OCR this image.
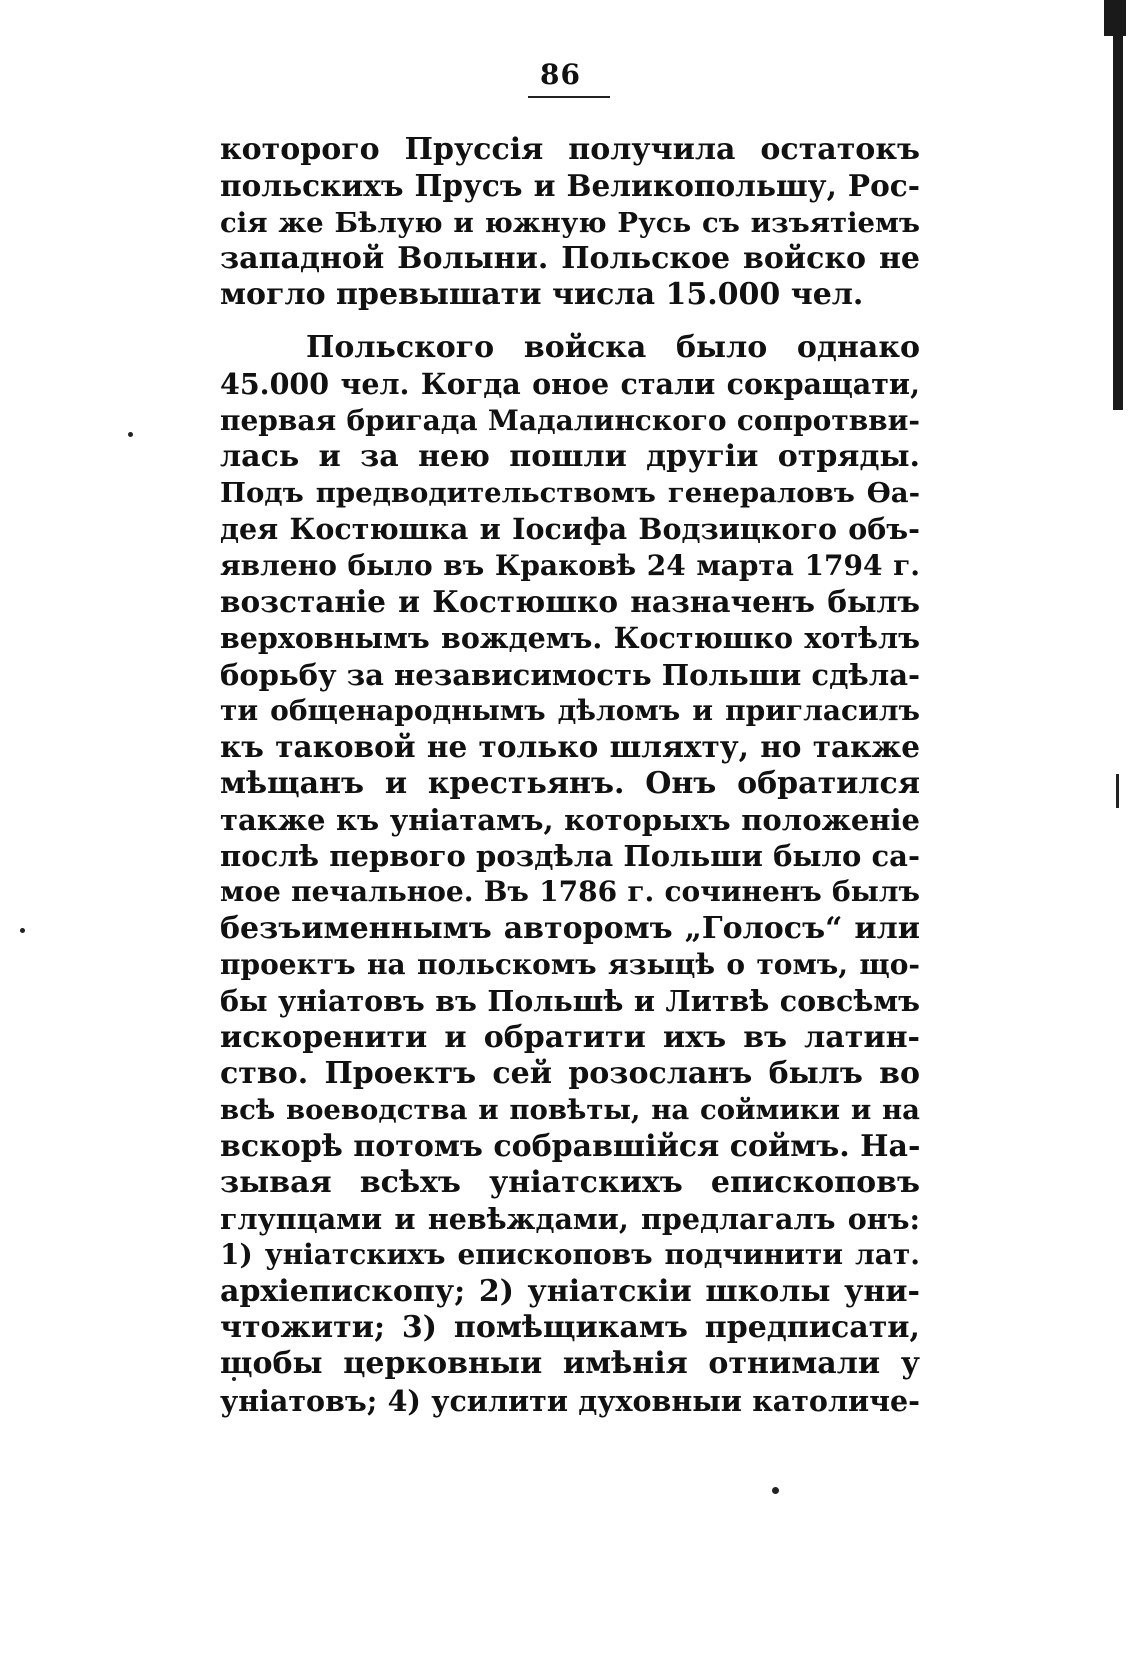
86
которого Пруссія получила остатокъ
польскихъ Прусъ и Великопольшу, Рос-
сія же Бѣлую и южную Русь съ изъятіемъ
западной Волыни. Польское войско не
могло превышати числа 15.000 чел.
Польского войска было однако
45.000 чел. Когда оное стали сокращати,
первая бригада Мадалинского сопротвви-
лась и за нею пошли другіи отряды.
Подъ предводительствомъ генераловъ Ѳа-
дея Костюшка и Іосифа Водзицкого объ-
явлено было въ Краковѣ 24 марта 1794 г.
возстаніе и Костюшко назначенъ былъ
верховнымъ вождемъ. Костюшко хотѣлъ
борьбу за независимость Польши сдѣла-
ти общенароднымъ дѣломъ и пригласилъ
къ таковой не только шляхту, но также
мѣщанъ и крестьянъ. Онъ обратился
также къ уніатамъ, которыхъ положеніе
послѣ первого роздѣла Польши было са-
мое печальное. Въ 1786 г. сочиненъ былъ
безъименнымъ авторомъ „Голосъ“ или
проектъ на польскомъ языцѣ о томъ, що-
бы уніатовъ въ Польшѣ и Литвѣ совсѣмъ
искоренити и обратити ихъ въ латин-
ство. Проектъ сей розосланъ былъ во
всѣ воеводства и повѣты, на соймики и на
вскорѣ потомъ собравшійся соймъ. На-
зывая всѣхъ уніатскихъ епископовъ
глупцами и невѣждами, предлагалъ онъ:
1) уніатскихъ епископовъ подчинити лат.
архіепископу; 2) уніатскіи школы уни-
чтожити; 3) помѣщикамъ предписати,
щобы церковныи имѣнія отнимали у
уніатовъ; 4) усилити духовныи католиче-
